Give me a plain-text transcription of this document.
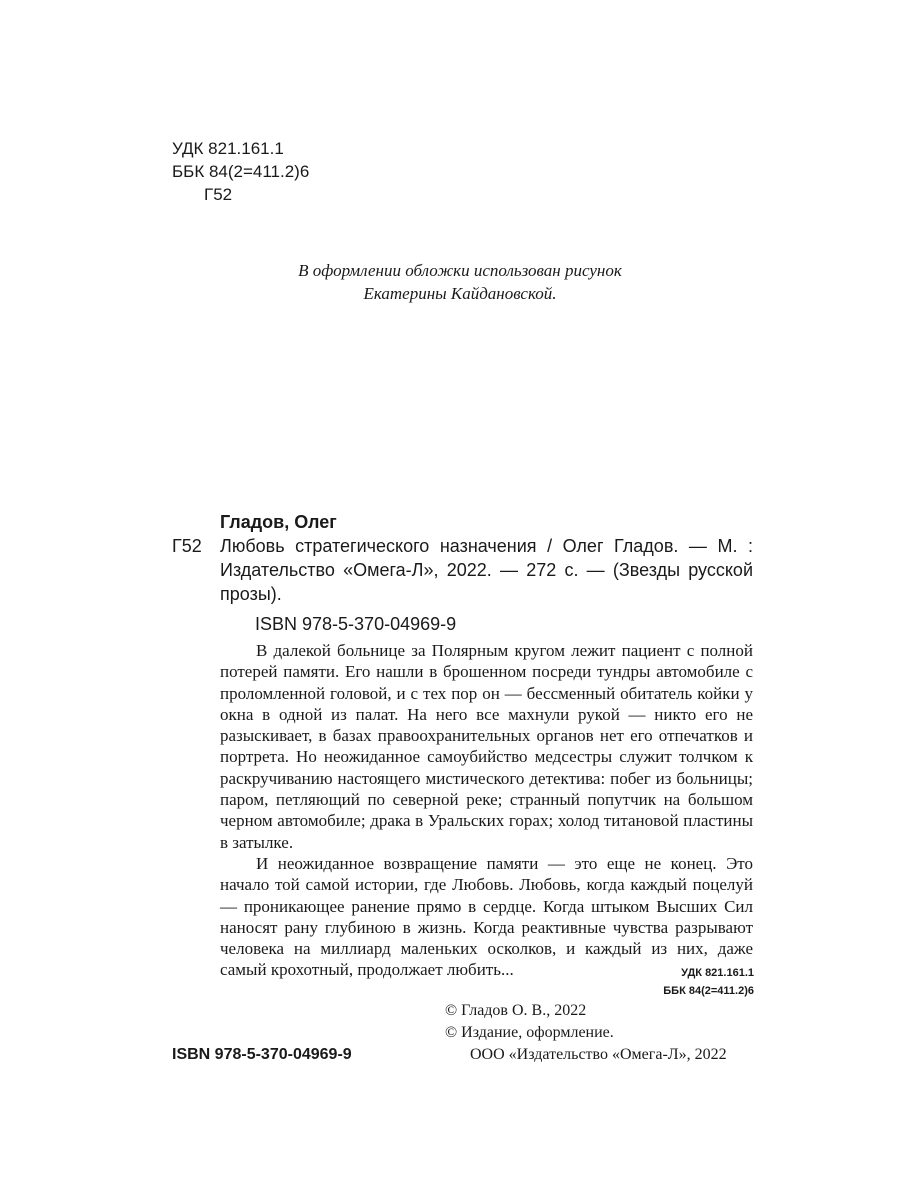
УДК 821.161.1
ББК 84(2=411.2)6
Г52
В оформлении обложки использован рисунок
Екатерины Кайдановской.
Гладов, Олег
Г52 Любовь стратегического назначения / Олег Гладов. — М. : Издательство «Омега-Л», 2022. — 272 с. — (Звезды русской прозы).
ISBN 978-5-370-04969-9

В далекой больнице за Полярным кругом лежит пациент с полной потерей памяти. Его нашли в брошенном посреди тундры автомобиле с проломленной головой, и с тех пор он — бессменный обитатель койки у окна в одной из палат. На него все махнули рукой — никто его не разыскивает, в базах правоохранительных органов нет его отпечатков и портрета. Но неожиданное самоубийство медсестры служит толчком к раскручиванию настоящего мистического детектива: побег из больницы; паром, петляющий по северной реке; странный попутчик на большом черном автомобиле; драка в Уральских горах; холод титановой пластины в затылке.

И неожиданное возвращение памяти — это еще не конец. Это начало той самой истории, где Любовь. Любовь, когда каждый поцелуй — проникающее ранение прямо в сердце. Когда штыком Высших Сил наносят рану глубиною в жизнь. Когда реактивные чувства разрывают человека на миллиард маленьких осколков, и каждый из них, даже самый крохотный, продолжает любить...	УДК 821.161.1
ББК 84(2=411.2)6
© Гладов О. В., 2022
© Издание, оформление.
ООО «Издательство «Омега-Л», 2022
ISBN 978-5-370-04969-9
